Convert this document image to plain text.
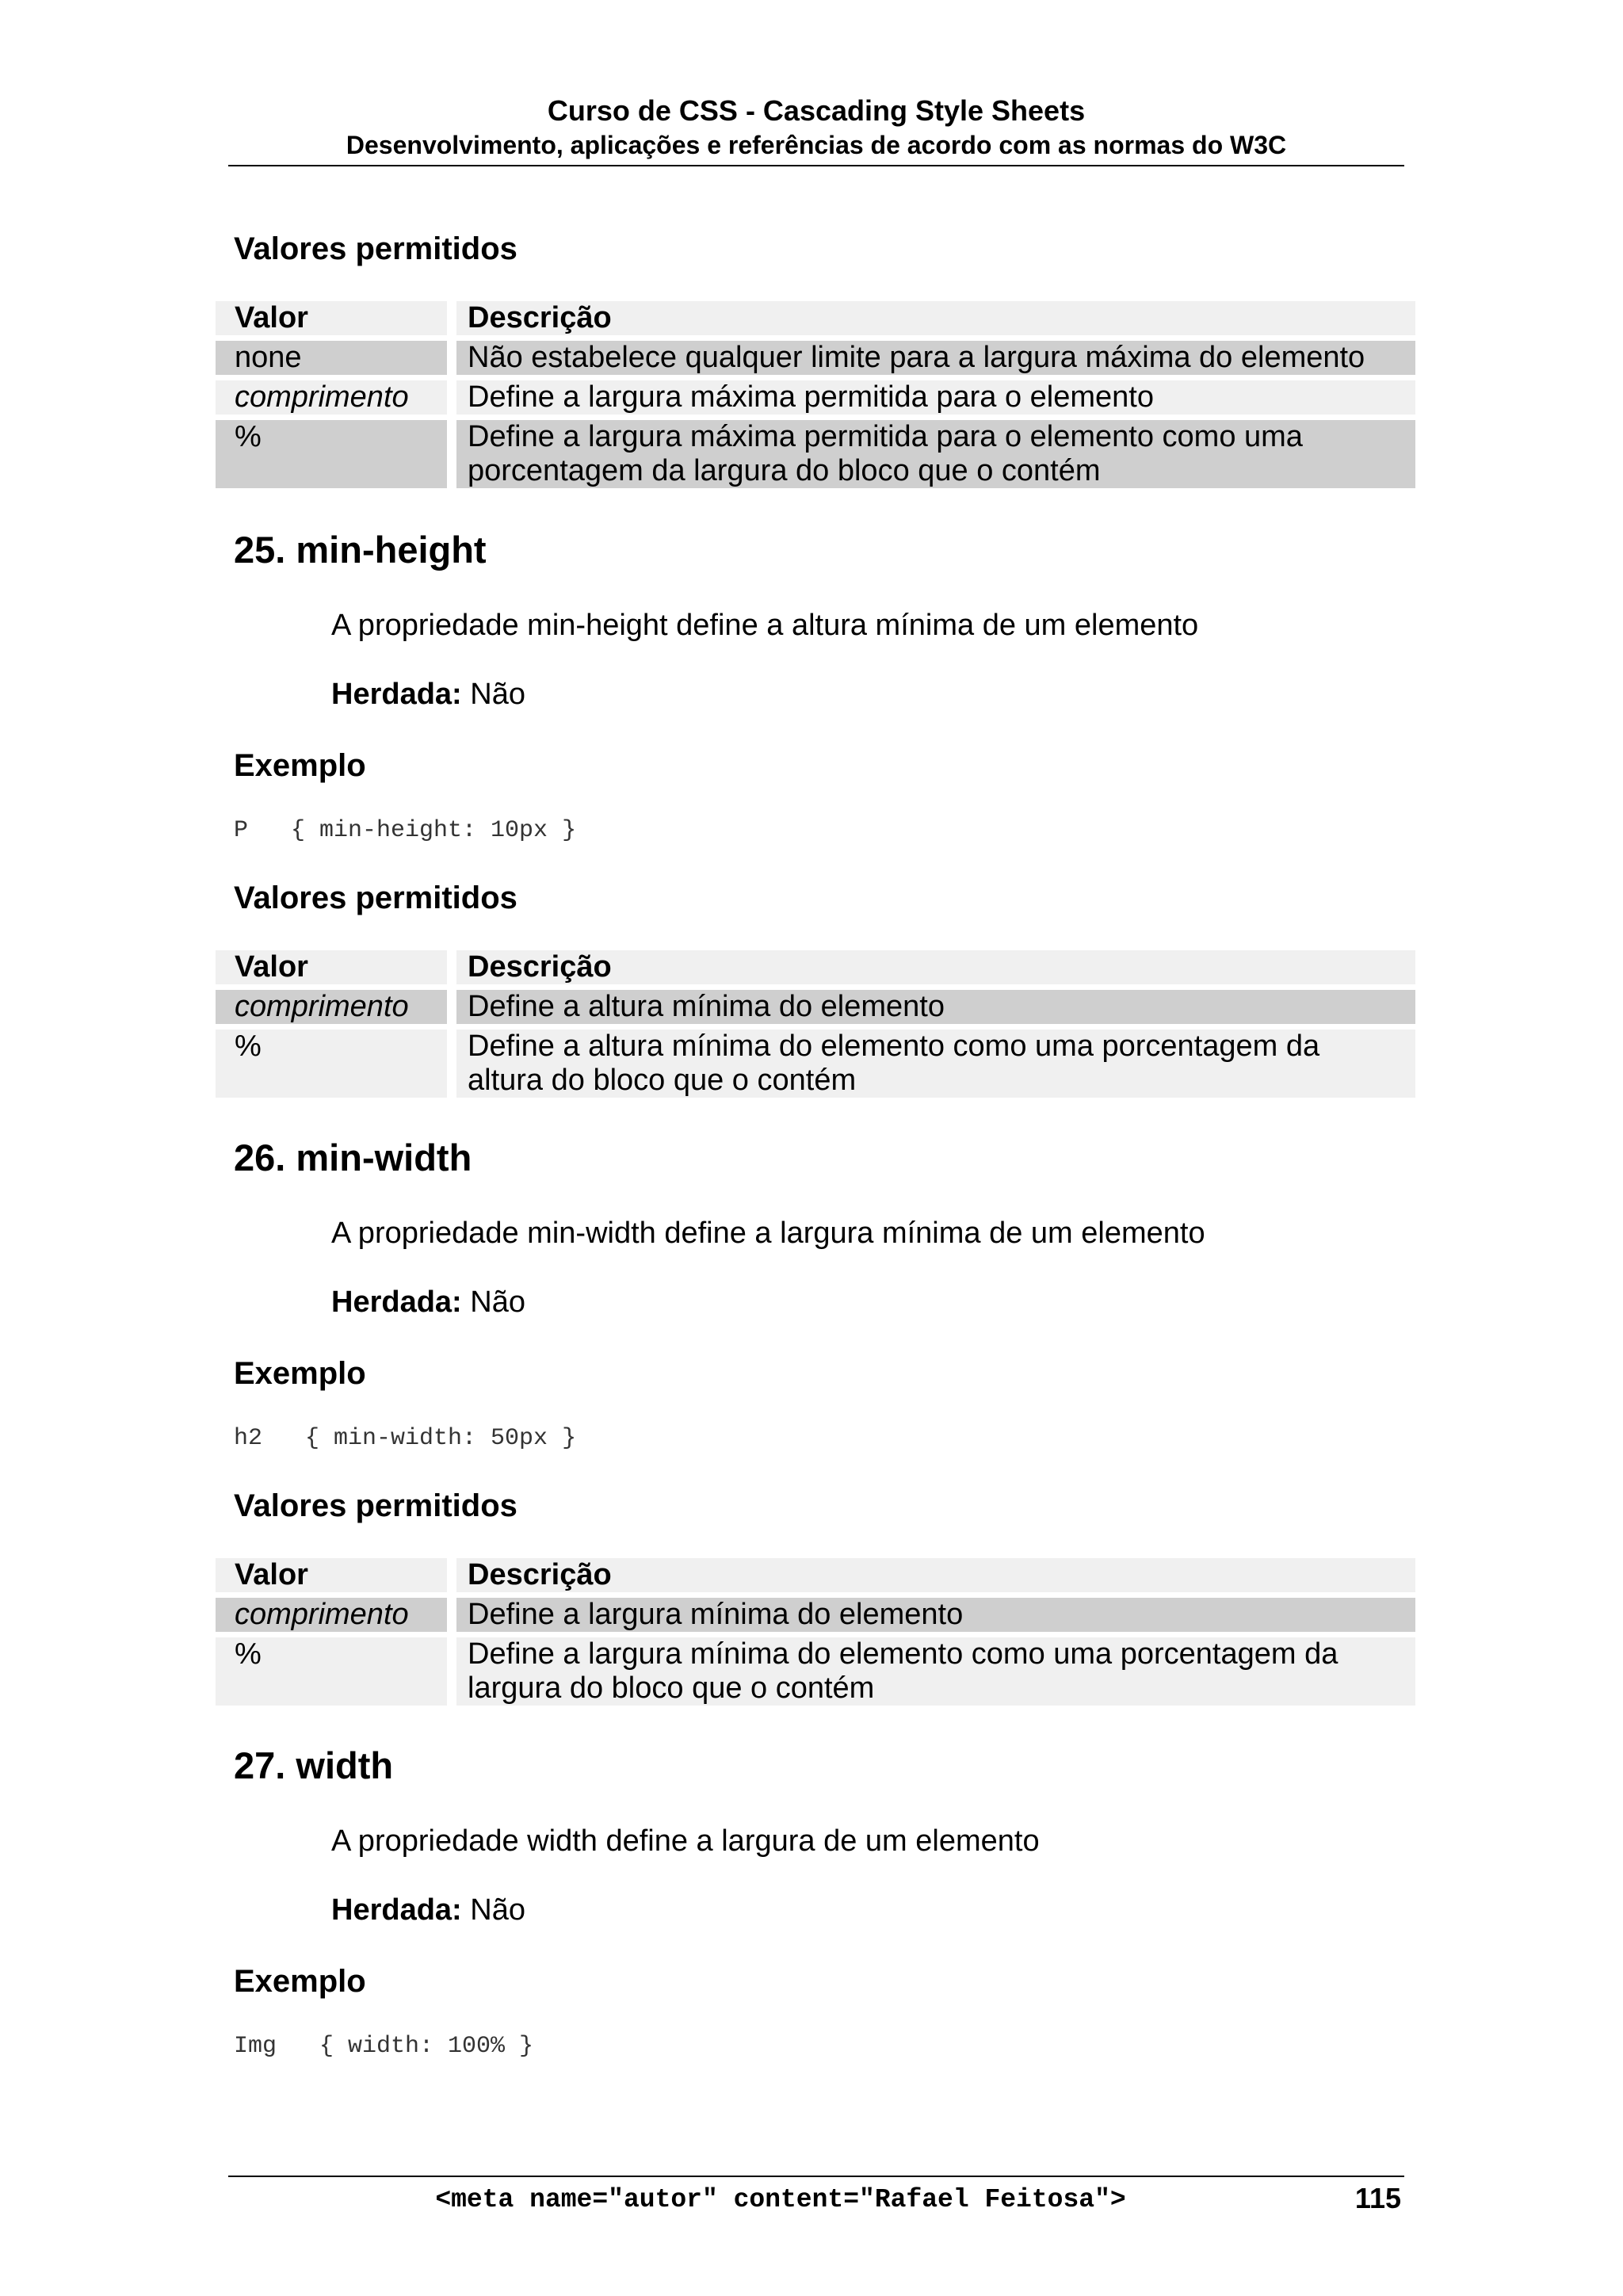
Curso de CSS - Cascading Style Sheets
Desenvolvimento, aplicações e referências de acordo com as normas do W3C
Valores permitidos
Valor	Descrição
none	Não estabelece qualquer limite para a largura máxima do elemento
comprimento	Define a largura máxima permitida para o elemento
%	Define a largura máxima permitida para o elemento como uma porcentagem da largura do bloco que o contém
25. min-height
A propriedade min-height define a altura mínima de um elemento
Herdada: Não
Exemplo
P   { min-height: 10px }
Valores permitidos
Valor	Descrição
comprimento	Define a altura mínima do elemento
%	Define a altura mínima do elemento como uma porcentagem da altura do bloco que o contém
26. min-width
A propriedade min-width define a largura mínima de um elemento
Herdada: Não
Exemplo
h2   { min-width: 50px }
Valores permitidos
Valor	Descrição
comprimento	Define a largura mínima do elemento
%	Define a largura mínima do elemento como uma porcentagem da largura do bloco que o contém
27. width
A propriedade width define a largura de um elemento
Herdada: Não
Exemplo
Img   { width: 100% }
<meta name="autor" content="Rafael Feitosa">	115
